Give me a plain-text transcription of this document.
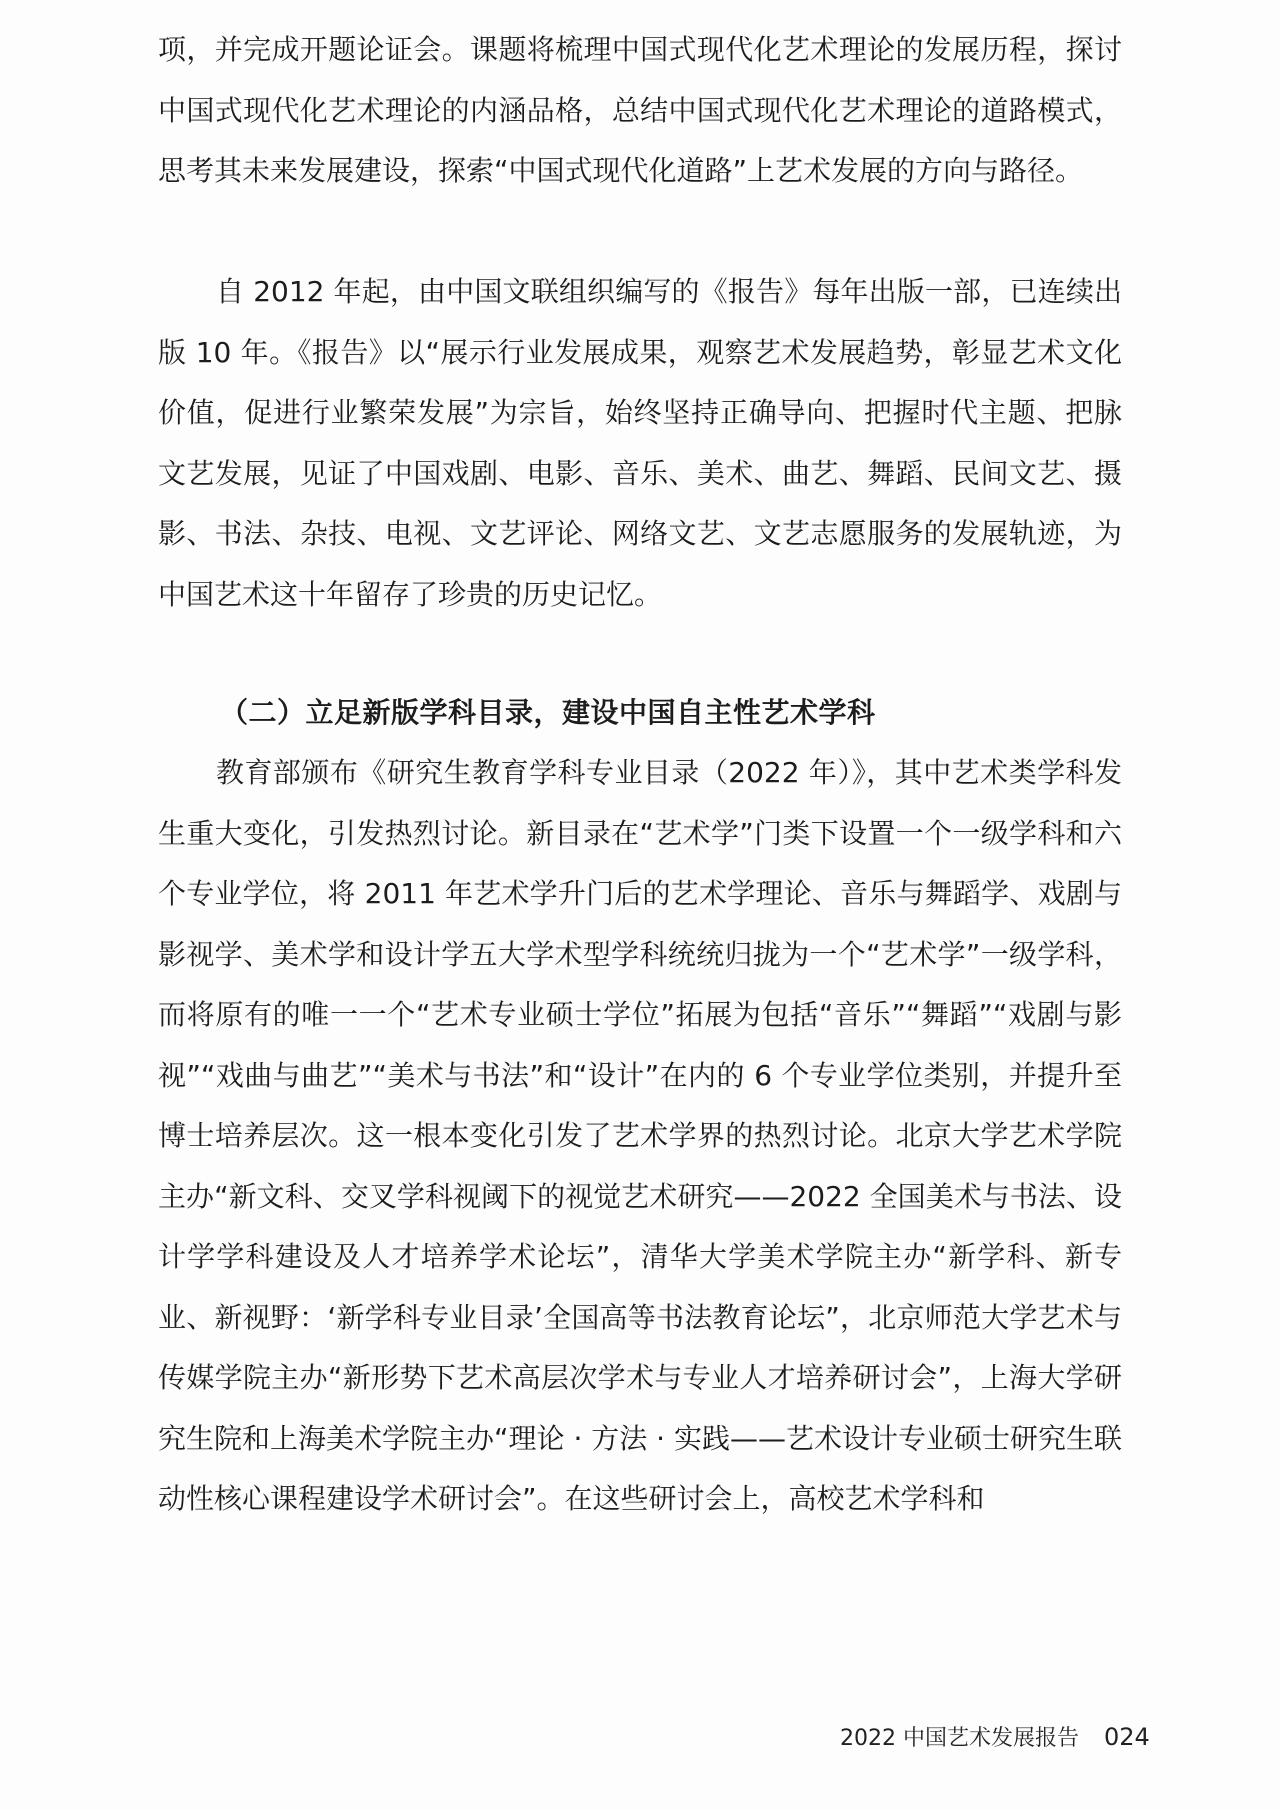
项，并完成开题论证会。课题将梳理中国式现代化艺术理论的发展历程，探讨中国式现代化艺术理论的内涵品格，总结中国式现代化艺术理论的道路模式，思考其未来发展建设，探索“中国式现代化道路”上艺术发展的方向与路径。
自 2012 年起，由中国文联组织编写的《报告》每年出版一部，已连续出版 10 年。《报告》以“展示行业发展成果，观察艺术发展趋势，彰显艺术文化价值，促进行业繁荣发展”为宗旨，始终坚持正确导向、把握时代主题、把脉文艺发展，见证了中国戏剧、电影、音乐、美术、曲艺、舞蹈、民间文艺、摄影、书法、杂技、电视、文艺评论、网络文艺、文艺志愿服务的发展轨迹，为中国艺术这十年留存了珍贵的历史记忆。
（二）立足新版学科目录，建设中国自主性艺术学科
教育部颁布《研究生教育学科专业目录（2022 年）》，其中艺术类学科发生重大变化，引发热烈讨论。新目录在“艺术学”门类下设置一个一级学科和六个专业学位，将 2011 年艺术学升门后的艺术学理论、音乐与舞蹈学、戏剧与影视学、美术学和设计学五大学术型学科统统归拢为一个“艺术学”一级学科，而将原有的唯一一个“艺术专业硕士学位”拓展为包括“音乐”“舞蹈”“戏剧与影视”“戏曲与曲艺”“美术与书法”和“设计”在内的 6 个专业学位类别，并提升至博士培养层次。这一根本变化引发了艺术学界的热烈讨论。北京大学艺术学院主办“新文科、交叉学科视阈下的视觉艺术研究——2022 全国美术与书法、设计学学科建设及人才培养学术论坛”，清华大学美术学院主办“新学科、新专业、新视野：‘新学科专业目录’全国高等书法教育论坛”，北京师范大学艺术与传媒学院主办“新形势下艺术高层次学术与专业人才培养研讨会”，上海大学研究生院和上海美术学院主办“理论 · 方法 · 实践——艺术设计专业硕士研究生联动性核心课程建设学术研讨会”。在这些研讨会上，高校艺术学科和
2022 中国艺术发展报告 024
